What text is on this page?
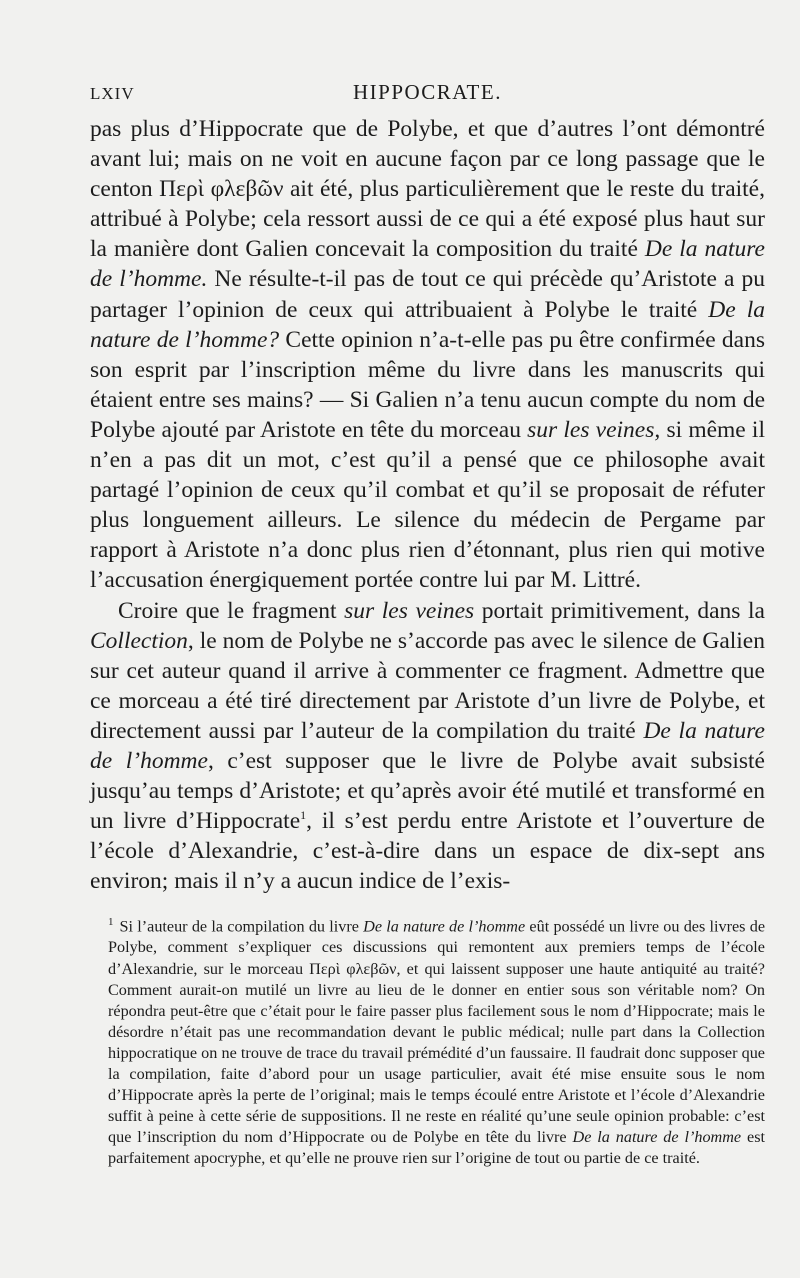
LXIV	HIPPOCRATE.

pas plus d’Hippocrate que de Polybe, et que d’autres l’ont démontré avant lui; mais on ne voit en aucune façon par ce long passage que le centon Περὶ φλεβῶν ait été, plus particulièrement que le reste du traité, attribué à Polybe; cela ressort aussi de ce qui a été exposé plus haut sur la manière dont Galien concevait la composition du traité De la nature de l’homme. Ne résulte-t-il pas de tout ce qui précède qu’Aristote a pu partager l’opinion de ceux qui attribuaient à Polybe le traité De la nature de l’homme? Cette opinion n’a-t-elle pas pu être confirmée dans son esprit par l’inscription même du livre dans les manuscrits qui étaient entre ses mains? — Si Galien n’a tenu aucun compte du nom de Polybe ajouté par Aristote en tête du morceau sur les veines, si même il n’en a pas dit un mot, c’est qu’il a pensé que ce philosophe avait partagé l’opinion de ceux qu’il combat et qu’il se proposait de réfuter plus longuement ailleurs. Le silence du médecin de Pergame par rapport à Aristote n’a donc plus rien d’étonnant, plus rien qui motive l’accusation énergiquement portée contre lui par M. Littré.

Croire que le fragment sur les veines portait primitivement, dans la Collection, le nom de Polybe ne s’accorde pas avec le silence de Galien sur cet auteur quand il arrive à commenter ce fragment. Admettre que ce morceau a été tiré directement par Aristote d’un livre de Polybe, et directement aussi par l’auteur de la compilation du traité De la nature de l’homme, c’est supposer que le livre de Polybe avait subsisté jusqu’au temps d’Aristote; et qu’après avoir été mutilé et transformé en un livre d’Hippocrate$^1$, il s’est perdu entre Aristote et l’ouverture de l’école d’Alexandrie, c’est-à-dire dans un espace de dix-sept ans environ; mais il n’y a aucun indice de l’exis-

$^1$ Si l’auteur de la compilation du livre De la nature de l’homme eût possédé un livre ou des livres de Polybe, comment s’expliquer ces discussions qui remontent aux premiers temps de l’école d’Alexandrie, sur le morceau Περὶ φλεβῶν, et qui laissent supposer une haute antiquité au traité? Comment aurait-on mutilé un livre au lieu de le donner en entier sous son véritable nom? On répondra peut-être que c’était pour le faire passer plus facilement sous le nom d’Hippocrate; mais le désordre n’était pas une recommandation devant le public médical; nulle part dans la Collection hippocratique on ne trouve de trace du travail prémédité d’un faussaire. Il faudrait donc supposer que la compilation, faite d’abord pour un usage particulier, avait été mise ensuite sous le nom d’Hippocrate après la perte de l’original; mais le temps écoulé entre Aristote et l’école d’Alexandrie suffit à peine à cette série de suppositions. Il ne reste en réalité qu’une seule opinion probable: c’est que l’inscription du nom d’Hippocrate ou de Polybe en tête du livre De la nature de l’homme est parfaitement apocryphe, et qu’elle ne prouve rien sur l’origine de tout ou partie de ce traité.
